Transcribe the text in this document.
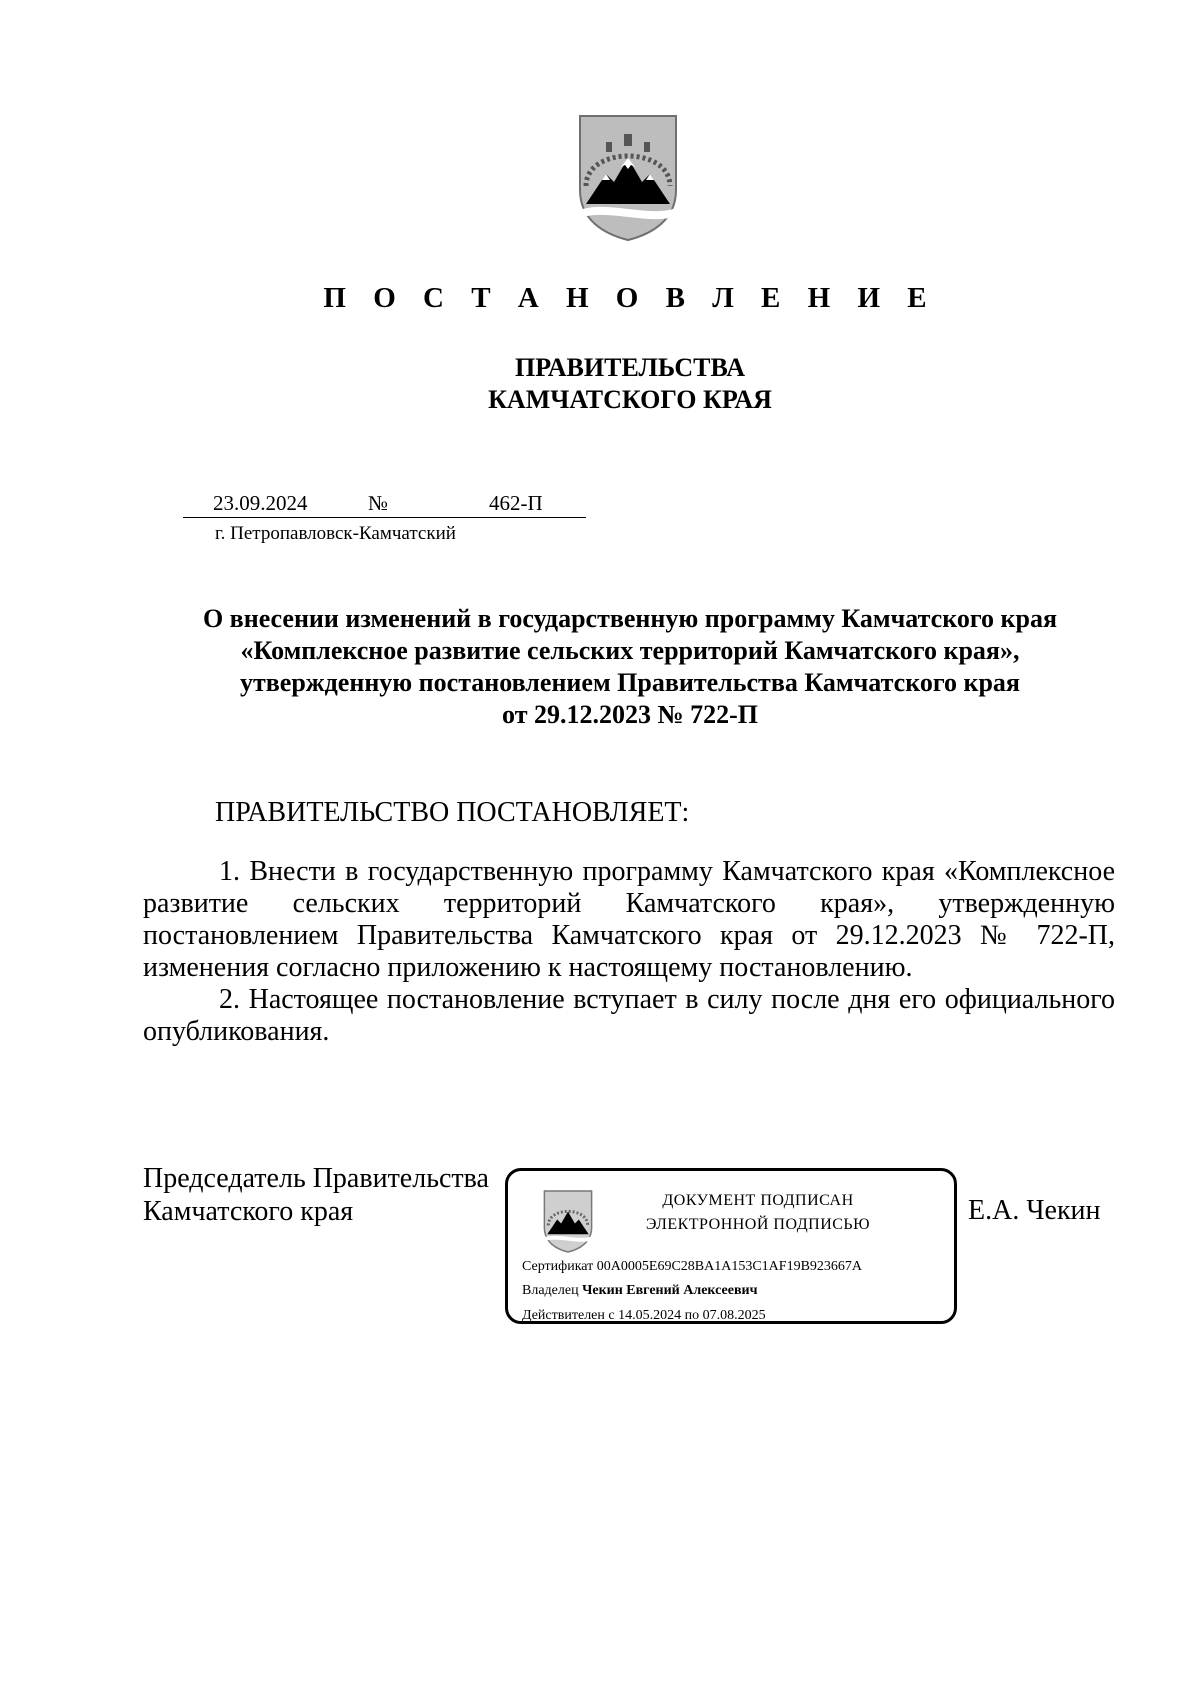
П О С Т А Н О В Л Е Н И Е
ПРАВИТЕЛЬСТВА
КАМЧАТСКОГО КРАЯ
23.09.2024	№	462-П
г. Петропавловск-Камчатский
О внесении изменений в государственную программу Камчатского края
«Комплексное развитие сельских территорий Камчатского края»,
утвержденную постановлением Правительства Камчатского края
от 29.12.2023 № 722-П
ПРАВИТЕЛЬСТВО ПОСТАНОВЛЯЕТ:

1. Внести в государственную программу Камчатского края «Комплексное развитие сельских территорий Камчатского края», утвержденную постановлением Правительства Камчатского края от 29.12.2023 № 722-П, изменения согласно приложению к настоящему постановлению.

2. Настоящее постановление вступает в силу после дня его официального опубликования.

Председатель Правительства
Камчатского края	ДОКУМЕНТ ПОДПИСАН
ЭЛЕКТРОННОЙ ПОДПИСЬЮ
Сертификат 00A0005E69C28BA1A153C1AF19B923667A
Владелец Чекин Евгений Алексеевич
Действителен с 14.05.2024 по 07.08.2025
Е.А. Чекин
